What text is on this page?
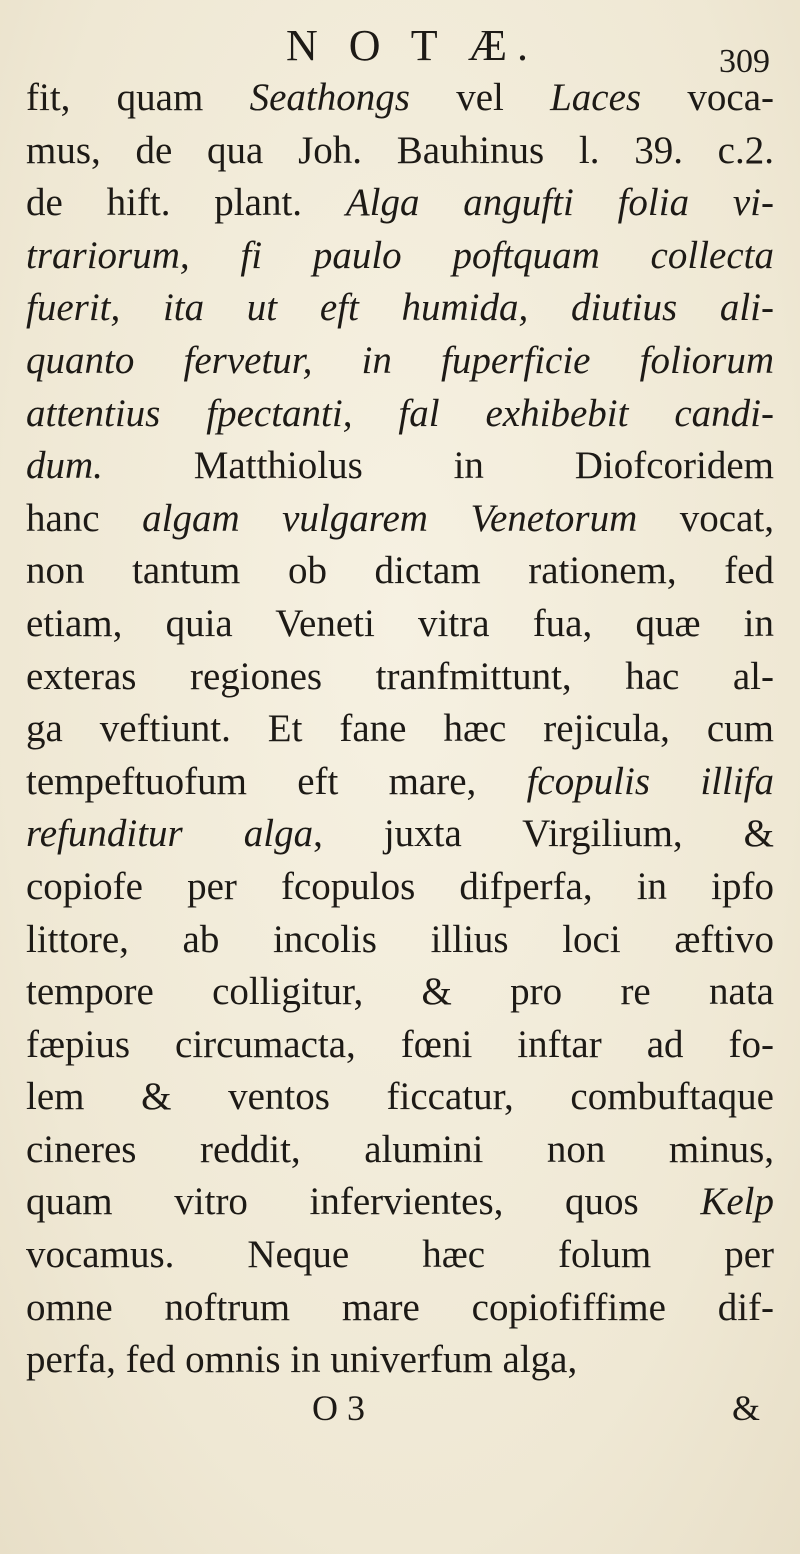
N O T Æ.	309
fit, quam Seathongs vel Laces voca-
mus, de qua Joh. Bauhinus l. 39. c.2.
de hift. plant. Alga angufti folia vi-
trariorum, fi paulo poftquam collecta
fuerit, ita ut eft humida, diutius ali-
quanto fervetur, in fuperficie foliorum
attentius fpectanti, fal exhibebit candi-
dum. Matthiolus in Diofcoridem
hanc algam vulgarem Venetorum vocat,
non tantum ob dictam rationem, fed
etiam, quia Veneti vitra fua, quæ in
exteras regiones tranfmittunt, hac al-
ga veftiunt. Et fane hæc rejicula, cum
tempeftuofum eft mare, fcopulis illifa
refunditur alga, juxta Virgilium, &
copiofe per fcopulos difperfa, in ipfo
littore, ab incolis illius loci æftivo
tempore colligitur, & pro re nata
fæpius circumacta, fœni inftar ad fo-
lem & ventos ficcatur, combuftaque
cineres reddit, alumini non minus,
quam vitro infervientes, quos Kelp
vocamus. Neque hæc folum per
omne noftrum mare copiofiffime dif-
perfa, fed omnis in univerfum alga,
O 3	&
